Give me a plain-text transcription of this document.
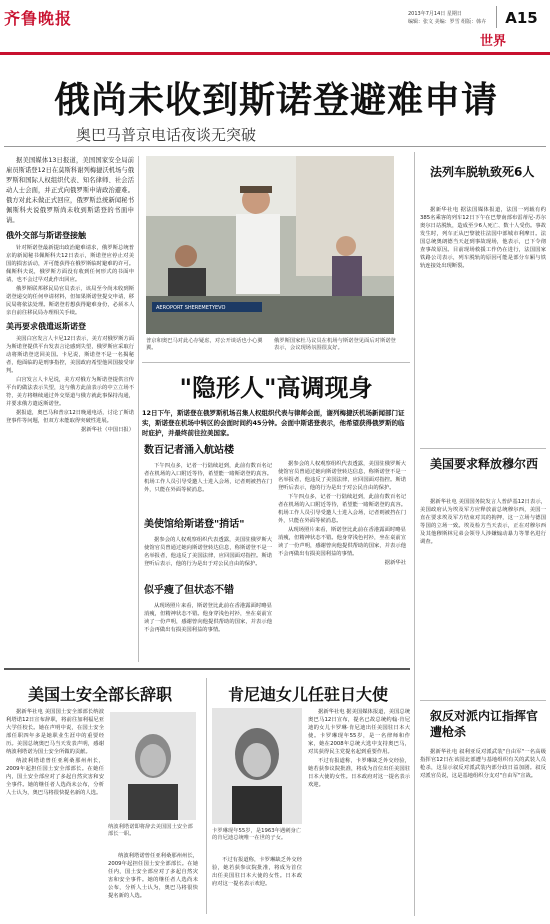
齐鲁晚报	2013年7月14日 星期日
编辑：张文 美编：罗雪 组版：韩卉	A15
世界
俄尚未收到斯诺登避难申请
奥巴马普京电话夜谈无突破

据美国媒体13日报道，美国国家安全局前雇员斯诺登12日在莫斯科谢列梅捷沃机场与俄罗斯和国际人权组织代表、知名律师、社会活动人士会面，并正式向俄罗斯申请政治避难。俄方对此未做正式回应，俄罗斯总统新闻秘书佩斯科夫说俄罗斯尚未收到斯诺登的书面申请。

俄外交部与斯诺登接触

针对斯诺登最新提出政治避难请求，俄罗斯总统普京的新闻秘书佩斯科夫12日表示，斯诺登应停止对美国的损害活动，并可能获得在俄罗斯临时避难的许可。佩斯科夫说，俄罗斯方面没有收到任何形式的书面申请，也不会过早对此作出回应。

俄罗斯联邦移民局官员表示，该局至今尚未收到斯诺登递交的任何申请材料，但如果斯诺登提交申请，移民局将依法处理。斯诺登若想获得避难身份，必须本人亲自前往移民局办理相关手续。

美再要求俄遣返斯诺登

美国白宫发言人卡尼12日表示，美方对俄罗斯方面为斯诺登提供平台发表言论感到失望，俄罗斯应采取行动将斯诺登送回美国。卡尼说，斯诺登不是一名揭秘者，他面临的是刑事指控，美国政府希望他回国接受审判。

白宫发言人卡尼说，美方对俄方为斯诺登提供宣传平台的做法表示失望，这与俄方此前表示的中立立场不符，美方将继续通过外交渠道与俄方就此事保持沟通，并要求俄方遣返斯诺登。

据报道，奥巴马和普京12日晚通电话，讨论了斯诺登事件等问题，但双方未能取得突破性进展。

据新华社（中国日报）

AEROPORT SHEREMETYEVO
普京和奥巴马对此心存疑虑，对公开谈话也小心翼翼。
俄罗斯国家杜马议员在机场与斯诺登见面后对斯诺登表示，会议现场氛围很友好。
"隐形人"高调现身
12日下午，斯诺登在俄罗斯机场召集人权组织代表与律师会面，谢列梅捷沃机场新闻部门证实，斯诺登在机场中转区的会面时间约45分钟。会面中斯诺登表示，他希望获得俄罗斯的临时庇护，并最终前往拉美国家。
数百记者涌入航站楼

下午四点多，记者一行陆续赶到，此前有数百名记者在机场的入口附近等待，希望能一睹斯诺登的真容。机场工作人员引导受邀人士进入会场，记者则被挡在门外，只能在外面等候消息。

美使馆给斯诺登"捎话"

据参会的人权观察组织代表透露，美国驻俄罗斯大使馆官员曾通过她向斯诺登转达信息，称斯诺登不是一名举报者，他违反了美国法律，应回国面对指控。斯诺登听后表示，他的行为是出于对公民自由的保护。

似乎瘦了但状态不错

从现场照片来看，斯诺登比此前在香港露面时略显消瘦，但精神状态不错。他身穿浅色衬衫，坐在桌前宣读了一份声明，感谢曾向他提供帮助的国家，并表示他不会再做出有损美国利益的事情。

据参会的人权观察组织代表透露，美国驻俄罗斯大使馆官员曾通过她向斯诺登转达信息，称斯诺登不是一名举报者，他违反了美国法律，应回国面对指控。斯诺登听后表示，他的行为是出于对公民自由的保护。

下午四点多，记者一行陆续赶到，此前有数百名记者在机场的入口附近等待，希望能一睹斯诺登的真容。机场工作人员引导受邀人士进入会场，记者则被挡在门外，只能在外面等候消息。

从现场照片来看，斯诺登比此前在香港露面时略显消瘦，但精神状态不错。他身穿浅色衬衫，坐在桌前宣读了一份声明，感谢曾向他提供帮助的国家，并表示他不会再做出有损美国利益的事情。

据新华社

法列车脱轨致死6人

据新华社电 据法国媒体报道，法国一列载有约385名乘客的列车12日下午在巴黎南部布雷蒂尼-苏尔奥尔日站脱轨，造成至少6人死亡、数十人受伤。事故发生时，列车正从巴黎驶往法国中部城市利摩日。法国总统奥朗德当天赶到事故现场，他表示，已下令彻查事故原因。目前现场救援工作仍在进行，法国国家铁路公司表示，列车脱轨的原因可能是部分车厢与铁轨连接处出现断裂。

美国要求释放穆尔西

据新华社电 美国国务院发言人普萨基12日表示，美国政府认为埃及军方应释放前总统穆尔西，美国一直在要求埃及军方结束对其的拘押，这一立场与德国等国的立场一致。埃及检方当天表示，正在对穆尔西及其他穆斯林兄弟会领导人涉嫌煽动暴力等罪名进行调查。

叙反对派内讧指挥官遭枪杀

据新华社电 叙利亚反对派武装"自由军"一名高级指挥官12日在该国北部遭与基地组织有关的武装人员枪杀，这显示叙反对派武装内部分歧日益加剧。叙反对派官员说，这是基地组织分支对"自由军"宣战。

美国土安全部长辞职	肯尼迪女儿任驻日大使

据新华社电 美国国土安全部部长纳波利塔诺12日宣布辞职，将前往加利福尼亚大学任校长。她在声明中说，在国土安全部任职四年多是她职业生涯中的重要经历。美国总统奥巴马当天发表声明，感谢纳波利塔诺为国土安全所做的贡献。

纳波利塔诺曾任亚利桑那州州长，2009年起担任国土安全部部长。在她任内，国土安全部应对了多起自然灾害和安全事件。她的继任者人选尚未公布，分析人士认为，奥巴马将很快提名新的人选。

纳波利塔诺即将辞去美国国土安全部部长一职。

纳波利塔诺曾任亚利桑那州州长，2009年起担任国土安全部部长。在她任内，国土安全部应对了多起自然灾害和安全事件。她的继任者人选尚未公布，分析人士认为，奥巴马将很快提名新的人选。

卡罗琳现年55岁，是1963年遇刺身亡的肯尼迪总统唯一在世的子女。

不过有报道称，卡罗琳缺乏外交经验，她若获参议院批准，将成为首位出任美国驻日本大使的女性。日本政府对这一提名表示欢迎。

据新华社电 据美国媒体报道，美国总统奥巴马12日宣布，提名已故总统约翰·肯尼迪的女儿卡罗琳·肯尼迪出任美国驻日本大使。卡罗琳现年55岁，是一名律师和作家，她在2008年总统大选中支持奥巴马，对其获得民主党提名起到重要作用。

不过有报道称，卡罗琳缺乏外交经验，她若获参议院批准，将成为首位出任美国驻日本大使的女性。日本政府对这一提名表示欢迎。
